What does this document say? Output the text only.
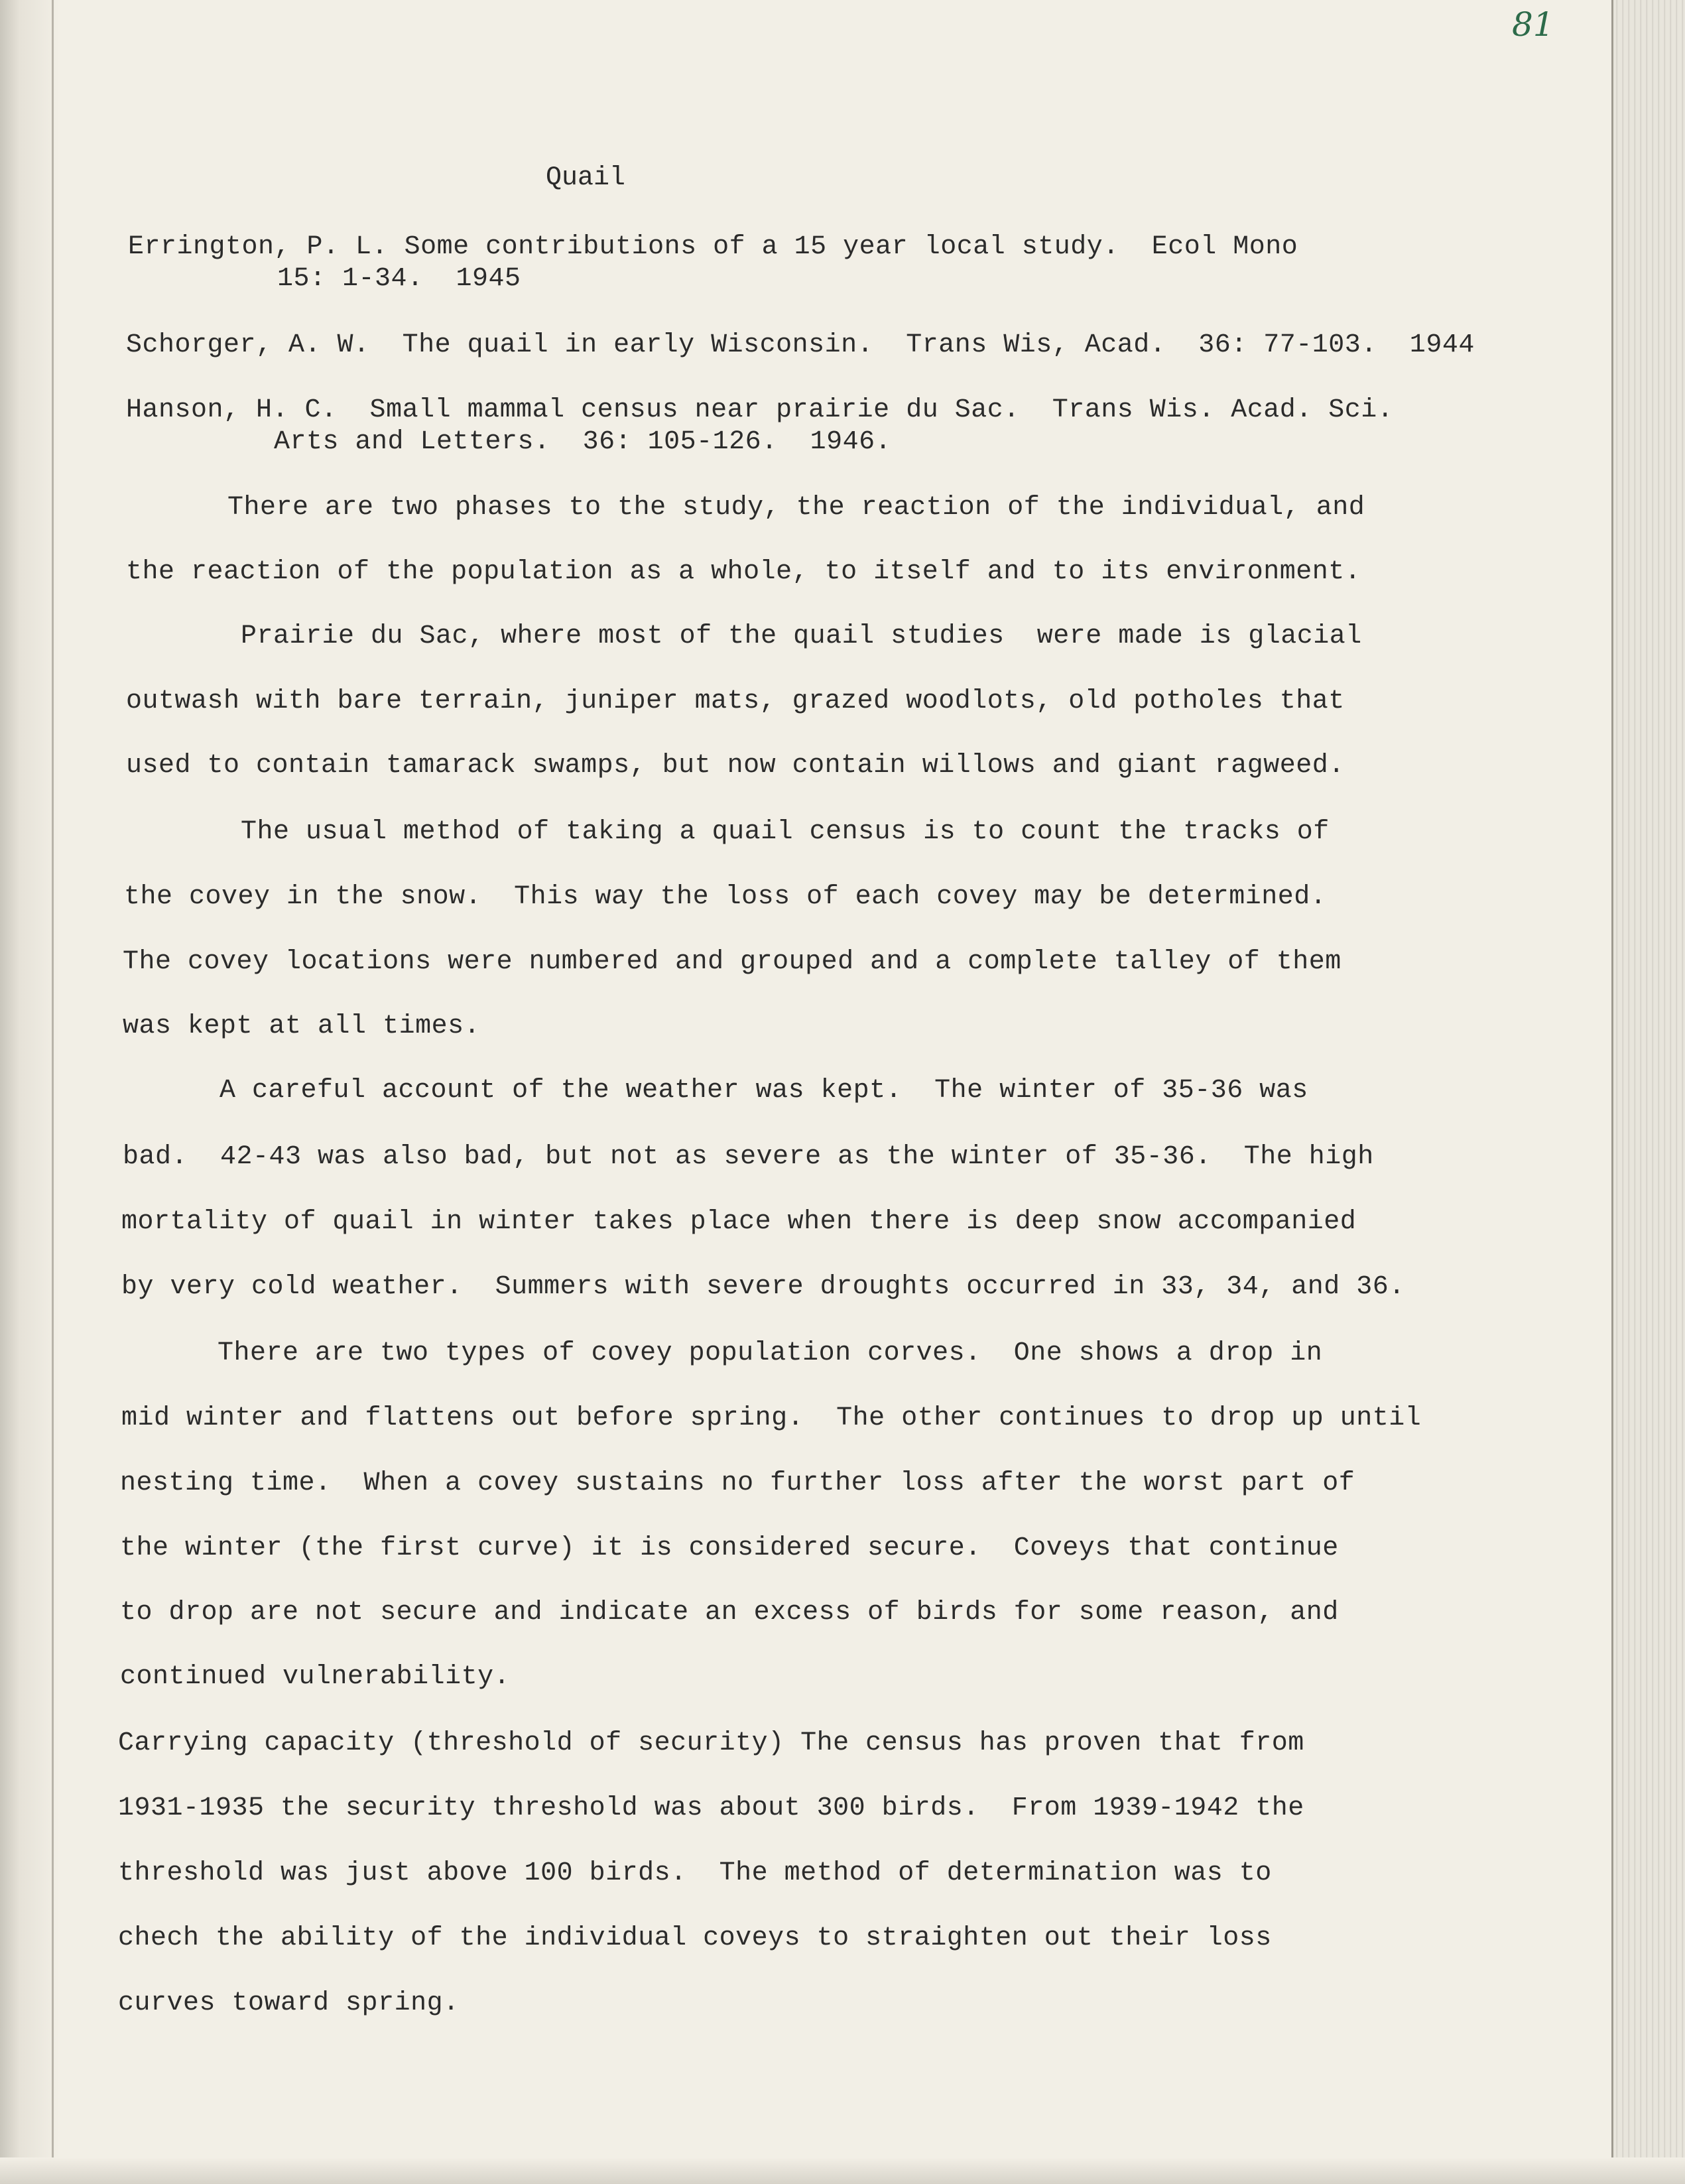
81
Quail
Errington, P. L. Some contributions of a 15 year local study.  Ecol Mono
15: 1-34.  1945
Schorger, A. W.  The quail in early Wisconsin.  Trans Wis, Acad.  36: 77-103.  1944
Hanson, H. C.  Small mammal census near prairie du Sac.  Trans Wis. Acad. Sci.
Arts and Letters.  36: 105-126.  1946.
There are two phases to the study, the reaction of the individual, and
the reaction of the population as a whole, to itself and to its environment.
Prairie du Sac, where most of the quail studies  were made is glacial
outwash with bare terrain, juniper mats, grazed woodlots, old potholes that
used to contain tamarack swamps, but now contain willows and giant ragweed.
The usual method of taking a quail census is to count the tracks of
the covey in the snow.  This way the loss of each covey may be determined.
The covey locations were numbered and grouped and a complete talley of them
was kept at all times.
A careful account of the weather was kept.  The winter of 35-36 was
bad.  42-43 was also bad, but not as severe as the winter of 35-36.  The high
mortality of quail in winter takes place when there is deep snow accompanied
by very cold weather.  Summers with severe droughts occurred in 33, 34, and 36.
There are two types of covey population corves.  One shows a drop in
mid winter and flattens out before spring.  The other continues to drop up until
nesting time.  When a covey sustains no further loss after the worst part of
the winter (the first curve) it is considered secure.  Coveys that continue
to drop are not secure and indicate an excess of birds for some reason, and
continued vulnerability.
Carrying capacity (threshold of security) The census has proven that from
1931-1935 the security threshold was about 300 birds.  From 1939-1942 the
threshold was just above 100 birds.  The method of determination was to
chech the ability of the individual coveys to straighten out their loss
curves toward spring.
